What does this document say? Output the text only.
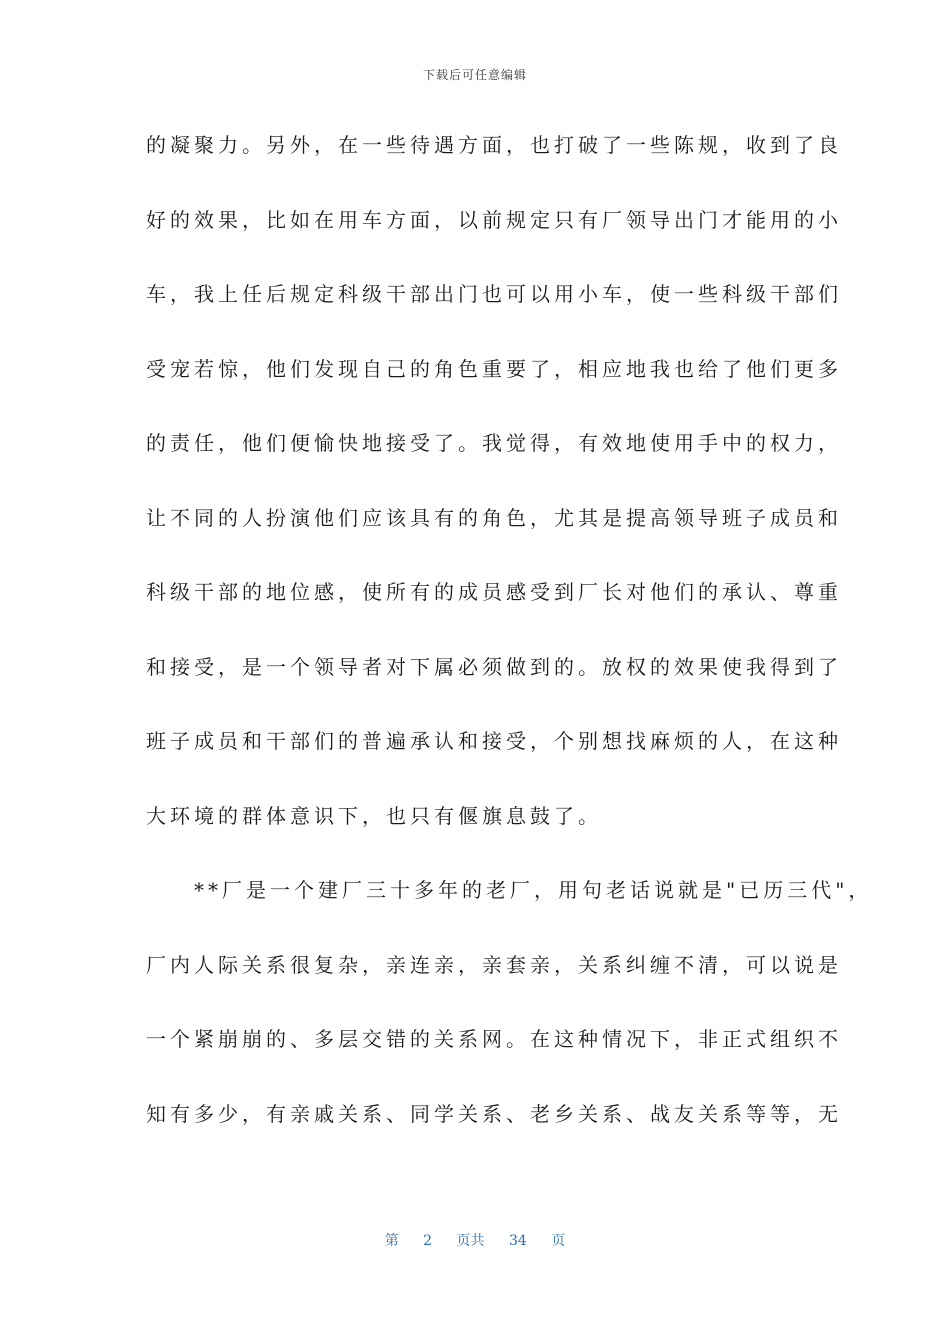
下载后可任意编辑
的凝聚力。另外，在一些待遇方面，也打破了一些陈规，收到了良
好的效果，比如在用车方面，以前规定只有厂领导出门才能用的小
车，我上任后规定科级干部出门也可以用小车，使一些科级干部们
受宠若惊，他们发现自己的角色重要了，相应地我也给了他们更多
的责任，他们便愉快地接受了。我觉得，有效地使用手中的权力，
让不同的人扮演他们应该具有的角色，尤其是提高领导班子成员和
科级干部的地位感，使所有的成员感受到厂长对他们的承认、尊重
和接受，是一个领导者对下属必须做到的。放权的效果使我得到了
班子成员和干部们的普遍承认和接受，个别想找麻烦的人，在这种
大环境的群体意识下，也只有偃旗息鼓了。
　　**厂是一个建厂三十多年的老厂，用句老话说就是"已历三代"，
厂内人际关系很复杂，亲连亲，亲套亲，关系纠缠不清，可以说是
一个紧崩崩的、多层交错的关系网。在这种情况下，非正式组织不
知有多少，有亲戚关系、同学关系、老乡关系、战友关系等等，无
第 2 页共 34 页
